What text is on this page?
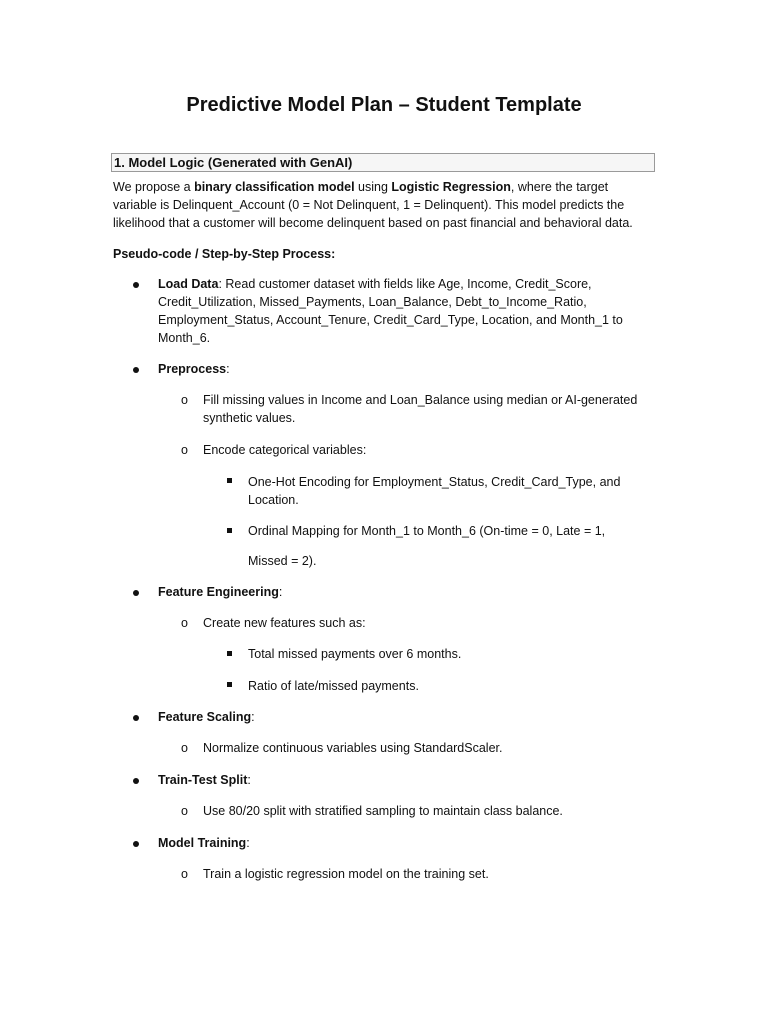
Predictive Model Plan – Student Template
1. Model Logic (Generated with GenAI)
We propose a binary classification model using Logistic Regression, where the target variable is Delinquent_Account (0 = Not Delinquent, 1 = Delinquent). This model predicts the likelihood that a customer will become delinquent based on past financial and behavioral data.
Pseudo-code / Step-by-Step Process:
Load Data: Read customer dataset with fields like Age, Income, Credit_Score, Credit_Utilization, Missed_Payments, Loan_Balance, Debt_to_Income_Ratio, Employment_Status, Account_Tenure, Credit_Card_Type, Location, and Month_1 to Month_6.
Preprocess:
o Fill missing values in Income and Loan_Balance using median or AI-generated synthetic values.
o Encode categorical variables:
One-Hot Encoding for Employment_Status, Credit_Card_Type, and Location.
Ordinal Mapping for Month_1 to Month_6 (On-time = 0, Late = 1,
Missed = 2).
Feature Engineering:
o Create new features such as:
Total missed payments over 6 months.
Ratio of late/missed payments.
Feature Scaling:
o Normalize continuous variables using StandardScaler.
Train-Test Split:
o Use 80/20 split with stratified sampling to maintain class balance.
Model Training:
o Train a logistic regression model on the training set.
